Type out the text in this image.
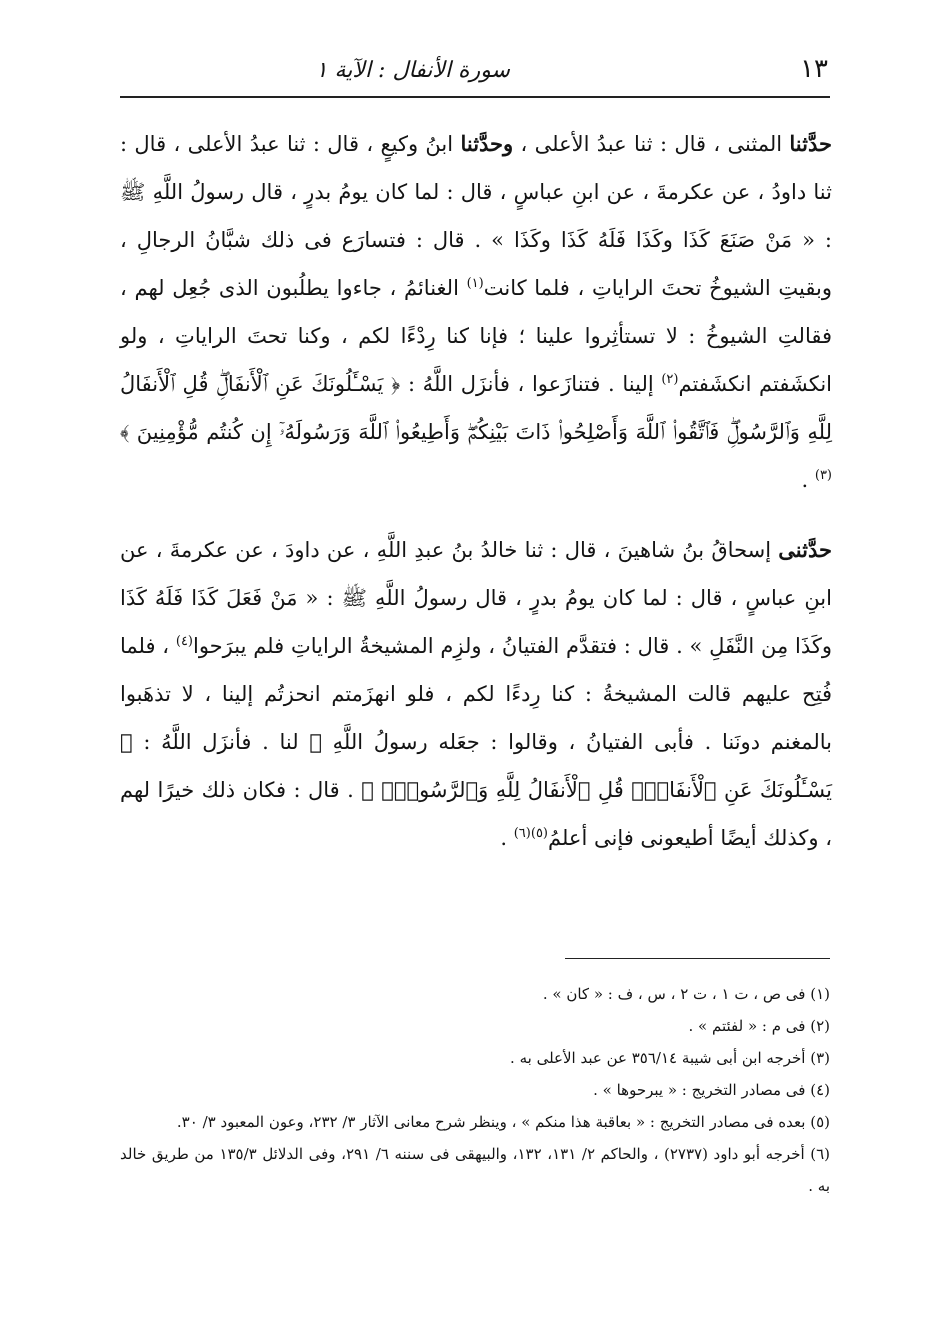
١٣
سورة الأنفال : الآية ١

حدَّثنا المثنى ، قال : ثنا عبدُ الأعلى ، وحدَّثنا ابنُ وكيعٍ ، قال : ثنا عبدُ الأعلى ، قال : ثنا داودُ ، عن عكرمةَ ، عن ابنِ عباسٍ ، قال : لما كان يومُ بدرٍ ، قال رسولُ اللَّهِ ﷺ : « مَنْ صَنَعَ كَذَا وكَذَا فَلَهُ كَذَا وكَذَا » . قال : فتسارَع فى ذلك شبَّانُ الرجالِ ، وبقيتِ الشيوخُ تحتَ الراياتِ ، فلما كانت$^{(١)}$ الغنائمُ ، جاءوا يطلُبون الذى جُعِل لهم ، فقالتِ الشيوخُ : لا تستأثِروا علينا ؛ فإنا كنا رِدْءًا لكم ، وكنا تحتَ الراياتِ ، ولو انكشَفتم انكشَفتم$^{(٢)}$ إلينا . فتنازَعوا ، فأنزَل اللَّهُ : ﴿ يَسْـَٔلُونَكَ عَنِ ٱلْأَنفَالِۖ قُلِ ٱلْأَنفَالُ لِلَّهِ وَٱلرَّسُولِۖ فَٱتَّقُوا۟ ٱللَّهَ وَأَصْلِحُوا۟ ذَاتَ بَيْنِكُمْۖ وَأَطِيعُوا۟ ٱللَّهَ وَرَسُولَهُۥٓ إِن كُنتُم مُّؤْمِنِينَ ﴾$^{(٣)}$ .

حدَّثنى إسحاقُ بنُ شاهينَ ، قال : ثنا خالدُ بنُ عبدِ اللَّهِ ، عن داودَ ، عن عكرمةَ ، عن ابنِ عباسٍ ، قال : لما كان يومُ بدرٍ ، قال رسولُ اللَّهِ ﷺ : « مَنْ فَعَلَ كَذَا فَلَهُ كَذَا وكَذَا مِن النَّفَلِ » . قال : فتقدَّم الفتيانُ ، ولزِم المشيخةُ الراياتِ فلم يبرَحوا$^{(٤)}$ ، فلما فُتِح عليهم قالت المشيخةُ : كنا رِدءًا لكم ، فلو انهزَمتم انحزتُم إلينا ، لا تذهَبوا بالمغنم دونَنا . فأبى الفتيانُ ، وقالوا : جعَله رسولُ اللَّهِ ﷺ لنا . فأنزَل اللَّهُ : ﴿ يَسْـَٔلُونَكَ عَنِ ٱلْأَنفَالِۖ قُلِ ٱلْأَنفَالُ لِلَّهِ وَٱلرَّسُولِۖ ﴾ . قال : فكان ذلك خيرًا لهم ، وكذلك أيضًا أطيعونى فإنى أعلمُ$^{(٥)(٦)}$ .

(١) فى ص ، ت ١ ، ت ٢ ، س ، ف : « كان » .

(٢) فى م : « لفئتم » .

(٣) أخرجه ابن أبى شيبة ٣٥٦/١٤ عن عبد الأعلى به .

(٤) فى مصادر التخريج : « يبرحوها » .

(٥) بعده فى مصادر التخريج : « بعاقبة هذا منكم » ، وينظر شرح معانى الآثار ٣/ ٢٣٢، وعون المعبود ٣/ ٣٠.

(٦) أخرجه أبو داود (٢٧٣٧) ، والحاكم ٢/ ١٣١، ١٣٢، والبيهقى فى سننه ٦/ ٢٩١، وفى الدلائل ١٣٥/٣ من طريق خالد به .
